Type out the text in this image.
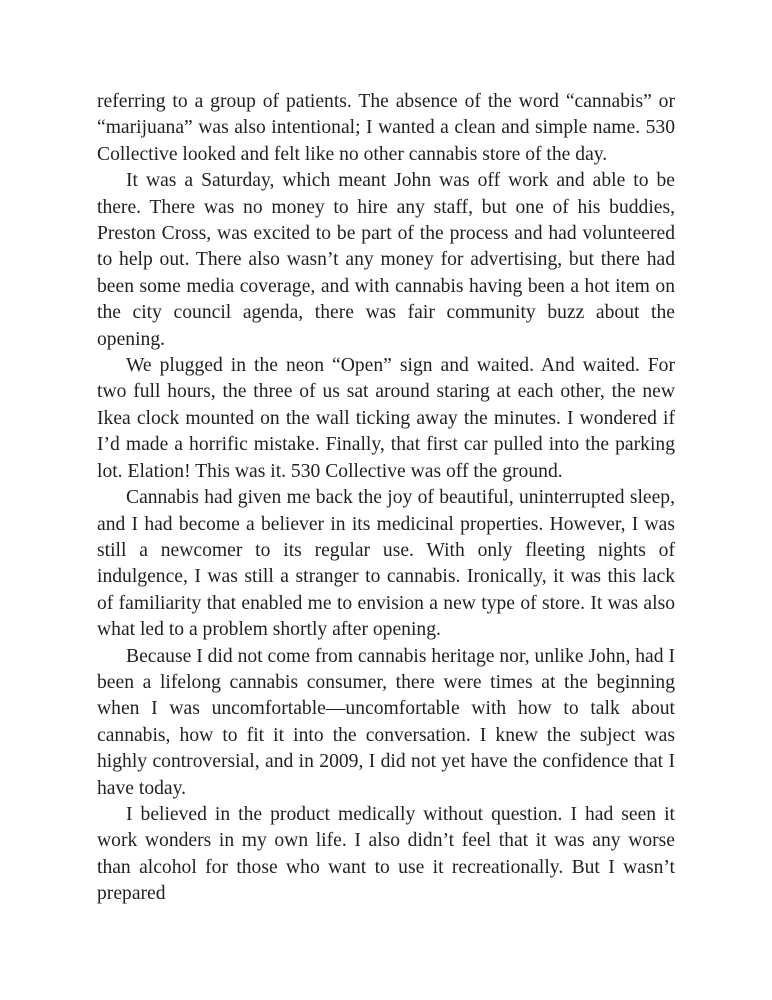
referring to a group of patients. The absence of the word “cannabis” or “marijuana” was also intentional; I wanted a clean and simple name. 530 Collective looked and felt like no other cannabis store of the day.

It was a Saturday, which meant John was off work and able to be there. There was no money to hire any staff, but one of his buddies, Preston Cross, was excited to be part of the process and had volunteered to help out. There also wasn’t any money for advertising, but there had been some media coverage, and with cannabis having been a hot item on the city council agenda, there was fair community buzz about the opening.

We plugged in the neon “Open” sign and waited. And waited. For two full hours, the three of us sat around staring at each other, the new Ikea clock mounted on the wall ticking away the minutes. I wondered if I’d made a horrific mistake. Finally, that first car pulled into the parking lot. Elation! This was it. 530 Collective was off the ground.

Cannabis had given me back the joy of beautiful, uninterrupted sleep, and I had become a believer in its medicinal properties. However, I was still a newcomer to its regular use. With only fleeting nights of indulgence, I was still a stranger to cannabis. Ironically, it was this lack of familiarity that enabled me to envision a new type of store. It was also what led to a problem shortly after opening.

Because I did not come from cannabis heritage nor, unlike John, had I been a lifelong cannabis consumer, there were times at the beginning when I was uncomfortable—uncomfortable with how to talk about cannabis, how to fit it into the conversation. I knew the subject was highly controversial, and in 2009, I did not yet have the confidence that I have today.

I believed in the product medically without question. I had seen it work wonders in my own life. I also didn’t feel that it was any worse than alcohol for those who want to use it recreationally. But I wasn’t prepared
